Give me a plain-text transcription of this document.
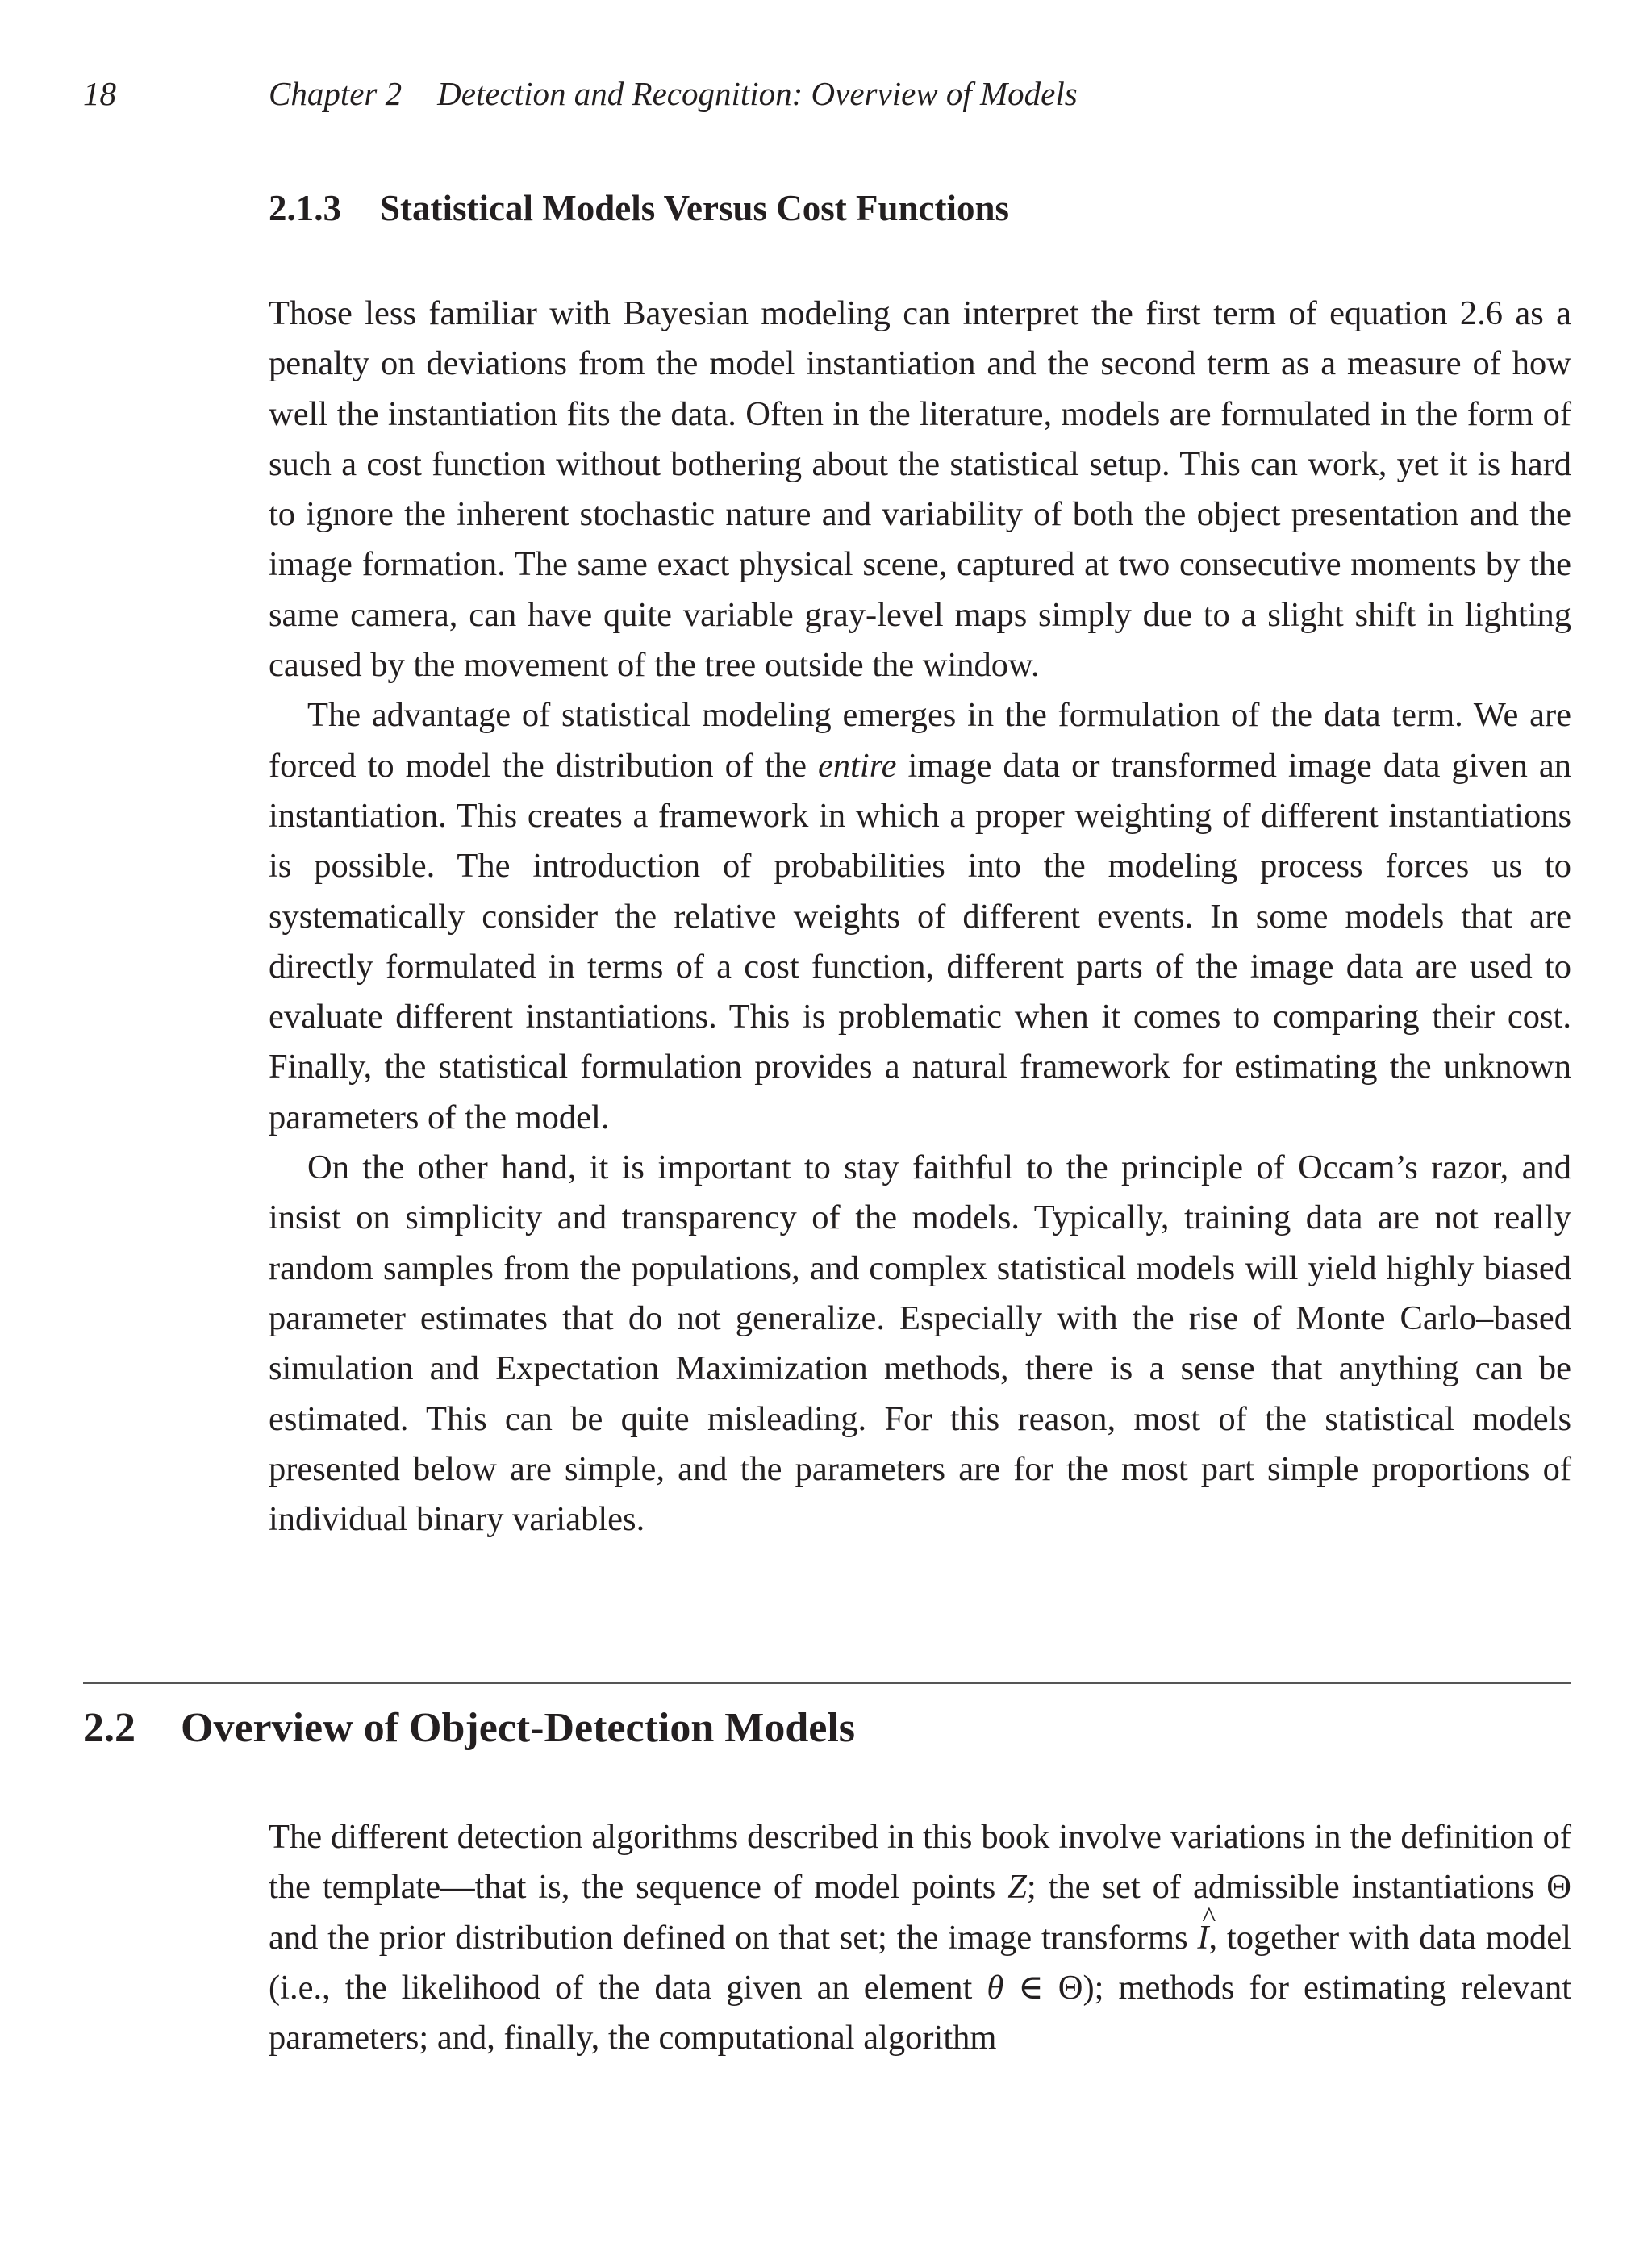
18	Chapter 2 Detection and Recognition: Overview of Models
2.1.3 Statistical Models Versus Cost Functions

Those less familiar with Bayesian modeling can interpret the first term of equation 2.6 as a penalty on deviations from the model instantiation and the second term as a measure of how well the instantiation fits the data. Often in the literature, models are formulated in the form of such a cost function without bothering about the statistical setup. This can work, yet it is hard to ignore the inherent stochastic nature and variability of both the object presentation and the image formation. The same exact physical scene, captured at two consecutive moments by the same camera, can have quite variable gray-level maps simply due to a slight shift in lighting caused by the movement of the tree outside the window.

The advantage of statistical modeling emerges in the formulation of the data term. We are forced to model the distribution of the entire image data or transformed image data given an instantiation. This creates a framework in which a proper weighting of different instantiations is possible. The introduction of probabilities into the modeling process forces us to systematically consider the relative weights of different events. In some models that are directly formulated in terms of a cost function, different parts of the image data are used to evaluate different instantiations. This is problematic when it comes to comparing their cost. Finally, the statistical formulation provides a natural framework for estimating the unknown parameters of the model.

On the other hand, it is important to stay faithful to the principle of Occam’s razor, and insist on simplicity and transparency of the models. Typically, training data are not really random samples from the populations, and complex statistical models will yield highly biased parameter estimates that do not generalize. Especially with the rise of Monte Carlo–based simulation and Expectation Maximization methods, there is a sense that anything can be estimated. This can be quite misleading. For this reason, most of the statistical models presented below are simple, and the parameters are for the most part simple proportions of individual binary variables.

2.2 Overview of Object-Detection Models

The different detection algorithms described in this book involve variations in the definition of the template—that is, the sequence of model points Z; the set of admissible instantiations Θ and the prior distribution defined on that set; the image transforms ^ I, together with data model (i.e., the likelihood of the data given an element θ ∈ Θ); methods for estimating relevant parameters; and, finally, the computational algorithm
